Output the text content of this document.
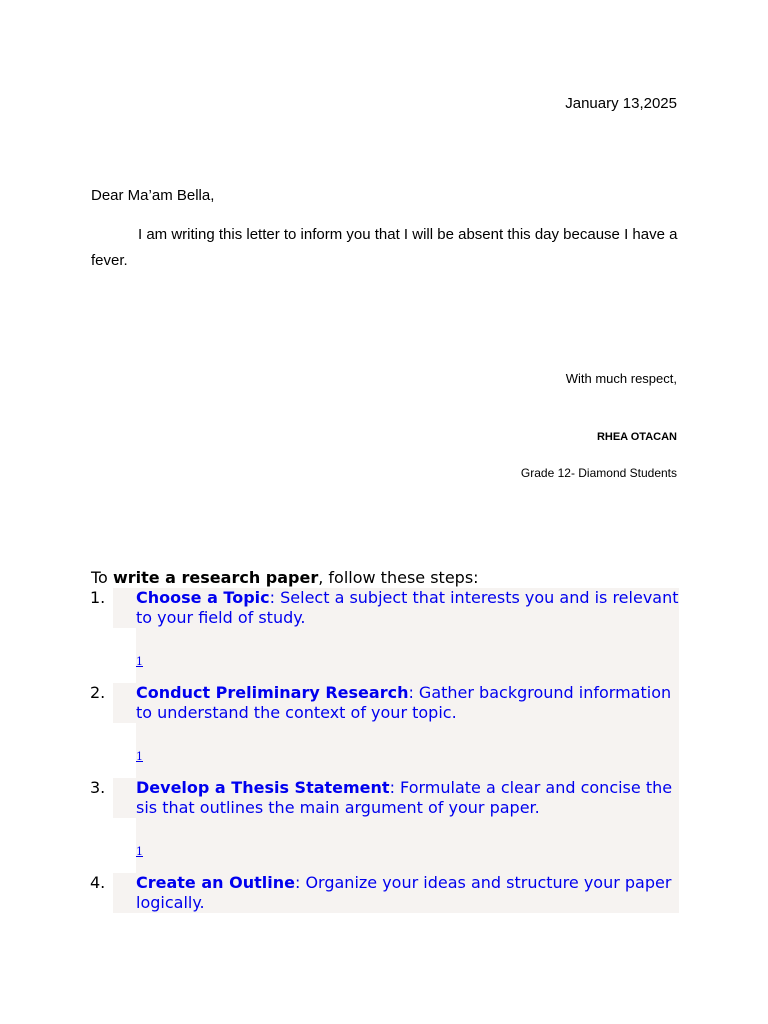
January 13,2025
Dear Ma’am Bella,

I am writing this letter to inform you that I will be absent this day because I have a fever.

With much respect,
RHEA OTACAN
Grade 12- Diamond Students

To write a research paper, follow these steps:

1.	Choose a Topic: Select a subject that interests you and is relevant to your field of study.
1
2.	Conduct Preliminary Research: Gather background information to understand the context of your topic.
1
3.	Develop a Thesis Statement: Formulate a clear and concise thesis that outlines the main argument of your paper.
1
4.	Create an Outline: Organize your ideas and structure your paper logically.
